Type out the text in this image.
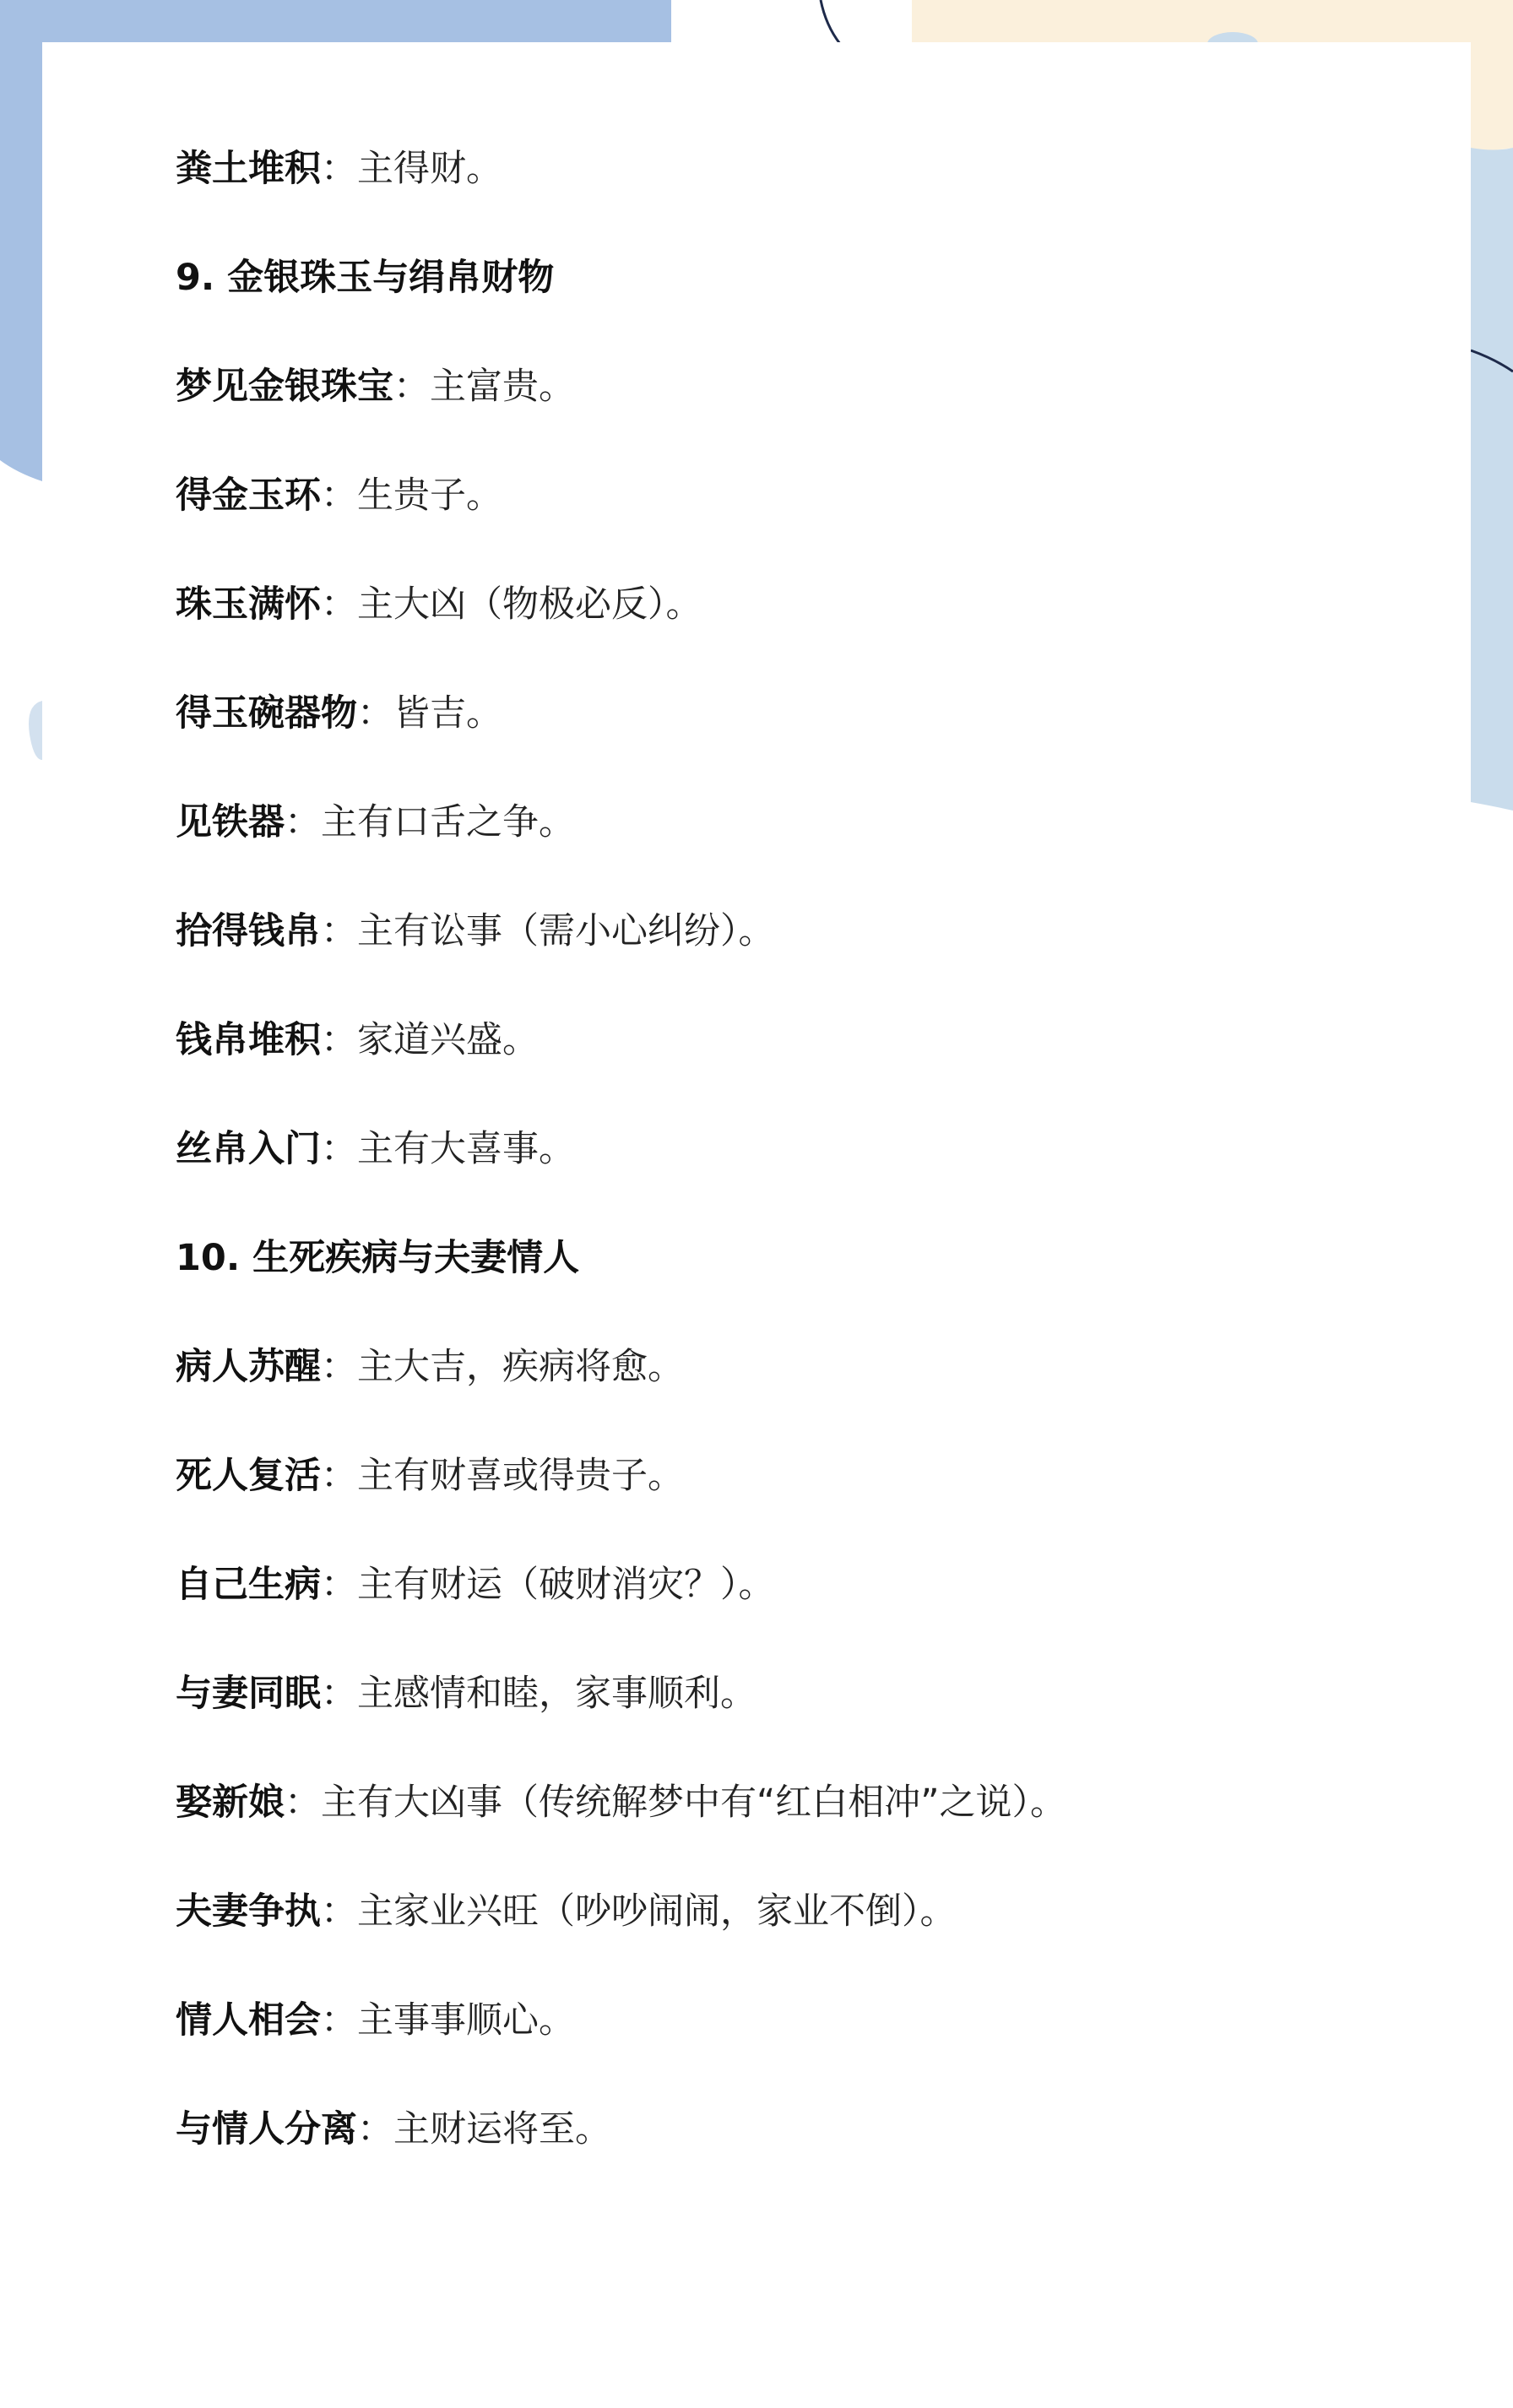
粪土堆积：主得财。
9. 金银珠玉与绢帛财物
梦见金银珠宝：主富贵。
得金玉环：生贵子。
珠玉满怀：主大凶（物极必反）。
得玉碗器物：皆吉。
见铁器：主有口舌之争。
拾得钱帛：主有讼事（需小心纠纷）。
钱帛堆积：家道兴盛。
丝帛入门：主有大喜事。
10. 生死疾病与夫妻情人
病人苏醒：主大吉，疾病将愈。
死人复活：主有财喜或得贵子。
自己生病：主有财运（破财消灾？）。
与妻同眠：主感情和睦，家事顺利。
娶新娘：主有大凶事（传统解梦中有“红白相冲”之说）。
夫妻争执：主家业兴旺（吵吵闹闹，家业不倒）。
情人相会：主事事顺心。
与情人分离：主财运将至。
